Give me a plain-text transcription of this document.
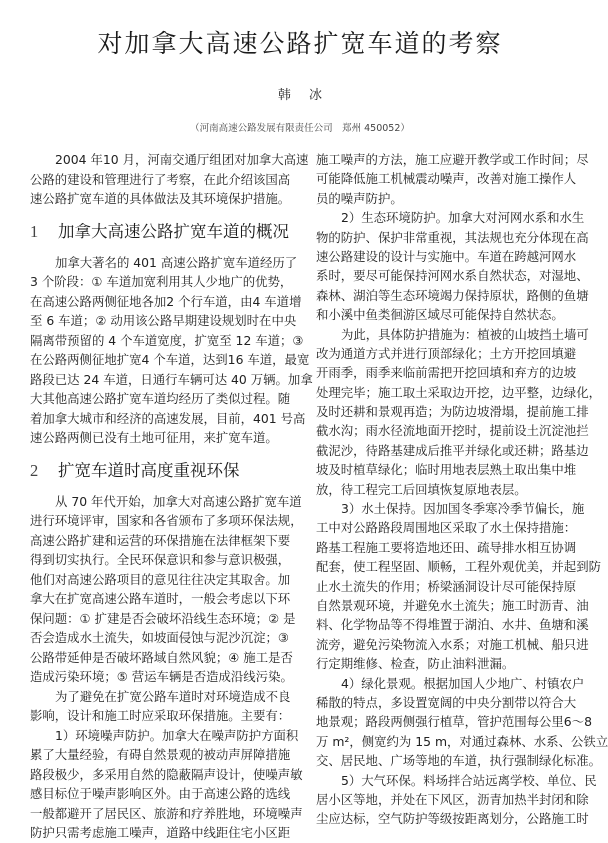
对加拿大高速公路扩宽车道的考察
韩 冰
（河南高速公路发展有限责任公司　郑州 450052）
2004 年10 月，河南交通厅组团对加拿大高速
公路的建设和管理进行了考察，在此介绍该国高
速公路扩宽车道的具体做法及其环境保护措施。
1 加拿大高速公路扩宽车道的概况
加拿大著名的 401 高速公路扩宽车道经历了
3 个阶段：① 车道加宽利用其人少地广的优势，
在高速公路两侧征地各加2 个行车道，由4 车道增
至 6 车道；② 动用该公路早期建设规划时在中央
隔离带预留的 4 个车道宽度，扩宽至 12 车道；③
在公路两侧征地扩宽4 个车道，达到16 车道，最宽
路段已达 24 车道，日通行车辆可达 40 万辆。加拿
大其他高速公路扩宽车道均经历了类似过程。随
着加拿大城市和经济的高速发展，目前，401 号高
速公路两侧已没有土地可征用，来扩宽车道。
2 扩宽车道时高度重视环保
从 70 年代开始，加拿大对高速公路扩宽车道
进行环境评审，国家和各省颁布了多项环保法规，
高速公路扩建和运营的环保措施在法律框架下要
得到切实执行。全民环保意识和参与意识极强，
他们对高速公路项目的意见往往决定其取舍。加
拿大在扩宽高速公路车道时，一般会考虑以下环
保问题：① 扩建是否会破坏沿线生态环境；② 是
否会造成水土流失，如坡面侵蚀与泥沙沉淀；③
公路带延伸是否破坏路域自然风貌；④ 施工是否
造成污染环境；⑤ 营运车辆是否造成沿线污染。
为了避免在扩宽公路车道时对环境造成不良
影响，设计和施工时应采取环保措施。主要有：
1）环境噪声防护。加拿大在噪声防护方面积
累了大量经验，有碍自然景观的被动声屏障措施
路段极少，多采用自然的隐蔽隔声设计，使噪声敏
感目标位于噪声影响区外。由于高速公路的选线
一般都避开了居民区、旅游和疗养胜地，环境噪声
防护只需考虑施工噪声，道路中线距住宅小区距
施工噪声的方法，施工应避开教学或工作时间；尽
可能降低施工机械震动噪声，改善对施工操作人
员的噪声防护。
2）生态环境防护。加拿大对河网水系和水生
物的防护、保护非常重视，其法规也充分体现在高
速公路建设的设计与实施中。车道在跨越河网水
系时，要尽可能保持河网水系自然状态，对湿地、
森林、湖泊等生态环境竭力保持原状，路侧的鱼塘
和小溪中鱼类徊游区域尽可能保持自然状态。
为此，具体防护措施为：植被的山坡挡土墙可
改为通道方式并进行顶部绿化；土方开挖回填避
开雨季，雨季来临前需把开挖回填和弃方的边坡
处理完毕；施工取土采取边开挖，边平整，边绿化，
及时还耕和景观再造；为防边坡滑塌，提前施工排
截水沟；雨水径流地面开挖时，提前设土沉淀池拦
截泥沙，待路基建成后推平并绿化或还耕；路基边
坡及时植草绿化；临时用地表层熟土取出集中堆
放，待工程完工后回填恢复原地表层。
3）水土保持。因加国冬季寒冷季节偏长，施
工中对公路路段周围地区采取了水土保持措施：
路基工程施工要将造地还田、疏导排水相互协调
配套，使工程坚固、顺畅，工程外观优美，并起到防
止水土流失的作用；桥梁涵洞设计尽可能保持原
自然景观环境，并避免水土流失；施工时沥青、油
料、化学物品等不得堆置于湖泊、水井、鱼塘和溪
流旁，避免污染物流入水系；对施工机械、船只进
行定期维修、检查，防止油料泄漏。
4）绿化景观。根据加国人少地广、村镇农户
稀散的特点，多设置宽阔的中央分割带以符合大
地景观；路段两侧强行植草，管护范围每公里6～8
万 m²，侧宽约为 15 m，对通过森林、水系、公铁立
交、居民地、广场等地的车道，执行强制绿化标准。
5）大气环保。料场拌合站远离学校、单位、民
居小区等地，并处在下风区，沥青加热半封闭和除
尘应达标，空气防护等级按距离划分，公路施工时
